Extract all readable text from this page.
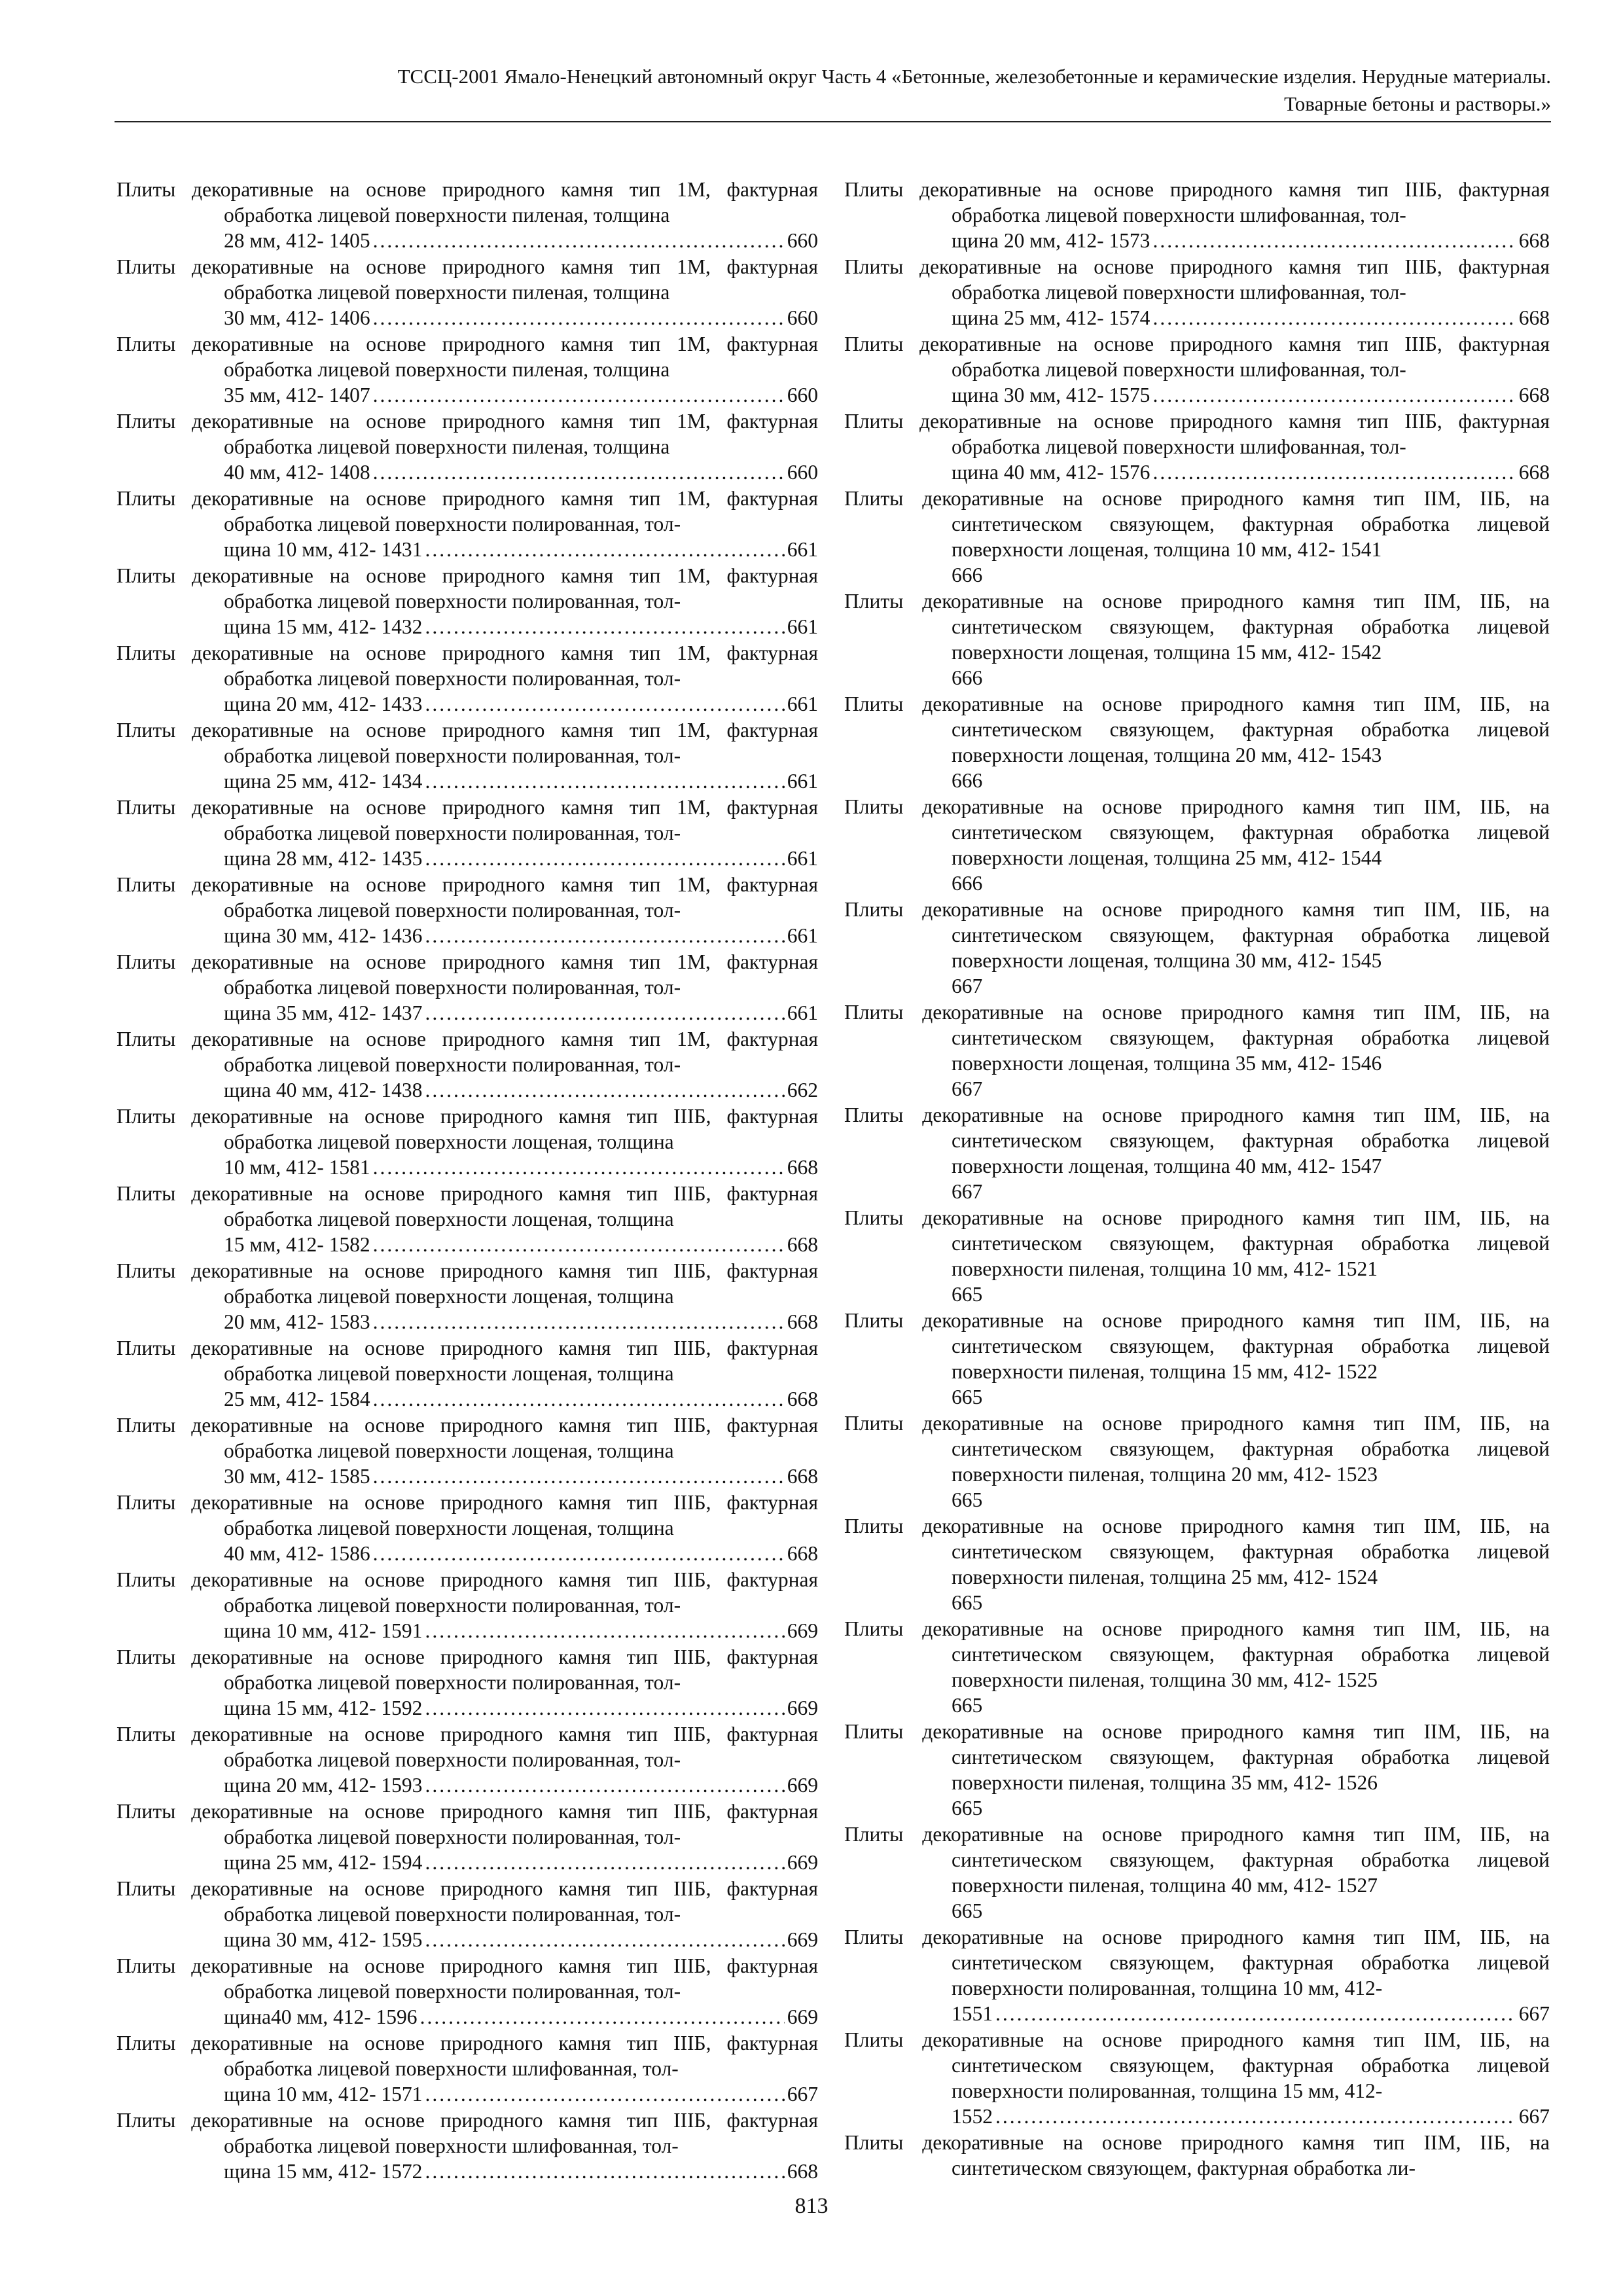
ТССЦ-2001 Ямало-Ненецкий автономный округ Часть 4 «Бетонные, железобетонные и керамические изделия. Нерудные материалы.
Товарные бетоны и растворы.»
Плиты декоративные на основе природного камня тип 1М, фактурная обработка лицевой поверхности пиленая, толщина
28 мм, 412- 1405 .....	660
Плиты декоративные на основе природного камня тип 1М, фактурная обработка лицевой поверхности пиленая, толщина
30 мм, 412- 1406 .....	660
Плиты декоративные на основе природного камня тип 1М, фактурная обработка лицевой поверхности пиленая, толщина
35 мм, 412- 1407 .....	660
Плиты декоративные на основе природного камня тип 1М, фактурная обработка лицевой поверхности пиленая, толщина
40 мм, 412- 1408 .....	660
Плиты декоративные на основе природного камня тип 1М, фактурная обработка лицевой поверхности полированная, тол-
щина 10 мм, 412- 1431 .....	661
Плиты декоративные на основе природного камня тип 1М, фактурная обработка лицевой поверхности полированная, тол-
щина 15 мм, 412- 1432 .....	661
Плиты декоративные на основе природного камня тип 1М, фактурная обработка лицевой поверхности полированная, тол-
щина 20 мм, 412- 1433 .....	661
Плиты декоративные на основе природного камня тип 1М, фактурная обработка лицевой поверхности полированная, тол-
щина 25 мм, 412- 1434 .....	661
Плиты декоративные на основе природного камня тип 1М, фактурная обработка лицевой поверхности полированная, тол-
щина 28 мм, 412- 1435 .....	661
Плиты декоративные на основе природного камня тип 1М, фактурная обработка лицевой поверхности полированная, тол-
щина 30 мм, 412- 1436 .....	661
Плиты декоративные на основе природного камня тип 1М, фактурная обработка лицевой поверхности полированная, тол-
щина 35 мм, 412- 1437 .....	661
Плиты декоративные на основе природного камня тип 1М, фактурная обработка лицевой поверхности полированная, тол-
щина 40 мм, 412- 1438 .....	662
Плиты декоративные на основе природного камня тип IIIБ, фактурная обработка лицевой поверхности лощеная, толщина
10 мм, 412- 1581 .....	668
Плиты декоративные на основе природного камня тип IIIБ, фактурная обработка лицевой поверхности лощеная, толщина
15 мм, 412- 1582 .....	668
Плиты декоративные на основе природного камня тип IIIБ, фактурная обработка лицевой поверхности лощеная, толщина
20 мм, 412- 1583 .....	668
Плиты декоративные на основе природного камня тип IIIБ, фактурная обработка лицевой поверхности лощеная, толщина
25 мм, 412- 1584 .....	668
Плиты декоративные на основе природного камня тип IIIБ, фактурная обработка лицевой поверхности лощеная, толщина
30 мм, 412- 1585 .....	668
Плиты декоративные на основе природного камня тип IIIБ, фактурная обработка лицевой поверхности лощеная, толщина
40 мм, 412- 1586 .....	668
Плиты декоративные на основе природного камня тип IIIБ, фактурная обработка лицевой поверхности полированная, тол-
щина 10 мм, 412- 1591 .....	669
Плиты декоративные на основе природного камня тип IIIБ, фактурная обработка лицевой поверхности полированная, тол-
щина 15 мм, 412- 1592 .....	669
Плиты декоративные на основе природного камня тип IIIБ, фактурная обработка лицевой поверхности полированная, тол-
щина 20 мм, 412- 1593 .....	669
Плиты декоративные на основе природного камня тип IIIБ, фактурная обработка лицевой поверхности полированная, тол-
щина 25 мм, 412- 1594 .....	669
Плиты декоративные на основе природного камня тип IIIБ, фактурная обработка лицевой поверхности полированная, тол-
щина 30 мм, 412- 1595 .....	669
Плиты декоративные на основе природного камня тип IIIБ, фактурная обработка лицевой поверхности полированная, тол-
щина40 мм, 412- 1596 .....	669
Плиты декоративные на основе природного камня тип IIIБ, фактурная обработка лицевой поверхности шлифованная, тол-
щина 10 мм, 412- 1571 .....	667
Плиты декоративные на основе природного камня тип IIIБ, фактурная обработка лицевой поверхности шлифованная, тол-
щина 15 мм, 412- 1572 .....	668
Плиты декоративные на основе природного камня тип IIIБ, фактурная обработка лицевой поверхности шлифованная, тол-
щина 20 мм, 412- 1573 .....	668
Плиты декоративные на основе природного камня тип IIIБ, фактурная обработка лицевой поверхности шлифованная, тол-
щина 25 мм, 412- 1574 .....	668
Плиты декоративные на основе природного камня тип IIIБ, фактурная обработка лицевой поверхности шлифованная, тол-
щина 30 мм, 412- 1575 .....	668
Плиты декоративные на основе природного камня тип IIIБ, фактурная обработка лицевой поверхности шлифованная, тол-
щина 40 мм, 412- 1576 .....	668
Плиты декоративные на основе природного камня тип IIМ, IIБ, на синтетическом связующем, фактурная обработка лицевой поверхности лощеная, толщина 10 мм, 412- 1541
666
Плиты декоративные на основе природного камня тип IIМ, IIБ, на синтетическом связующем, фактурная обработка лицевой поверхности лощеная, толщина 15 мм, 412- 1542
666
Плиты декоративные на основе природного камня тип IIМ, IIБ, на синтетическом связующем, фактурная обработка лицевой поверхности лощеная, толщина 20 мм, 412- 1543
666
Плиты декоративные на основе природного камня тип IIМ, IIБ, на синтетическом связующем, фактурная обработка лицевой поверхности лощеная, толщина 25 мм, 412- 1544
666
Плиты декоративные на основе природного камня тип IIМ, IIБ, на синтетическом связующем, фактурная обработка лицевой поверхности лощеная, толщина 30 мм, 412- 1545
667
Плиты декоративные на основе природного камня тип IIМ, IIБ, на синтетическом связующем, фактурная обработка лицевой поверхности лощеная, толщина 35 мм, 412- 1546
667
Плиты декоративные на основе природного камня тип IIМ, IIБ, на синтетическом связующем, фактурная обработка лицевой поверхности лощеная, толщина 40 мм, 412- 1547
667
Плиты декоративные на основе природного камня тип IIМ, IIБ, на синтетическом связующем, фактурная обработка лицевой поверхности пиленая, толщина 10 мм, 412- 1521
665
Плиты декоративные на основе природного камня тип IIМ, IIБ, на синтетическом связующем, фактурная обработка лицевой поверхности пиленая, толщина 15 мм, 412- 1522
665
Плиты декоративные на основе природного камня тип IIМ, IIБ, на синтетическом связующем, фактурная обработка лицевой поверхности пиленая, толщина 20 мм, 412- 1523
665
Плиты декоративные на основе природного камня тип IIМ, IIБ, на синтетическом связующем, фактурная обработка лицевой поверхности пиленая, толщина 25 мм, 412- 1524
665
Плиты декоративные на основе природного камня тип IIМ, IIБ, на синтетическом связующем, фактурная обработка лицевой поверхности пиленая, толщина 30 мм, 412- 1525
665
Плиты декоративные на основе природного камня тип IIМ, IIБ, на синтетическом связующем, фактурная обработка лицевой поверхности пиленая, толщина 35 мм, 412- 1526
665
Плиты декоративные на основе природного камня тип IIМ, IIБ, на синтетическом связующем, фактурная обработка лицевой поверхности пиленая, толщина 40 мм, 412- 1527
665
Плиты декоративные на основе природного камня тип IIМ, IIБ, на синтетическом связующем, фактурная обработка лицевой поверхности полированная, толщина 10 мм, 412-
1551 .....	667
Плиты декоративные на основе природного камня тип IIМ, IIБ, на синтетическом связующем, фактурная обработка лицевой поверхности полированная, толщина 15 мм, 412-
1552 .....	667
Плиты декоративные на основе природного камня тип IIМ, IIБ, на синтетическом связующем, фактурная обработка ли-
813
